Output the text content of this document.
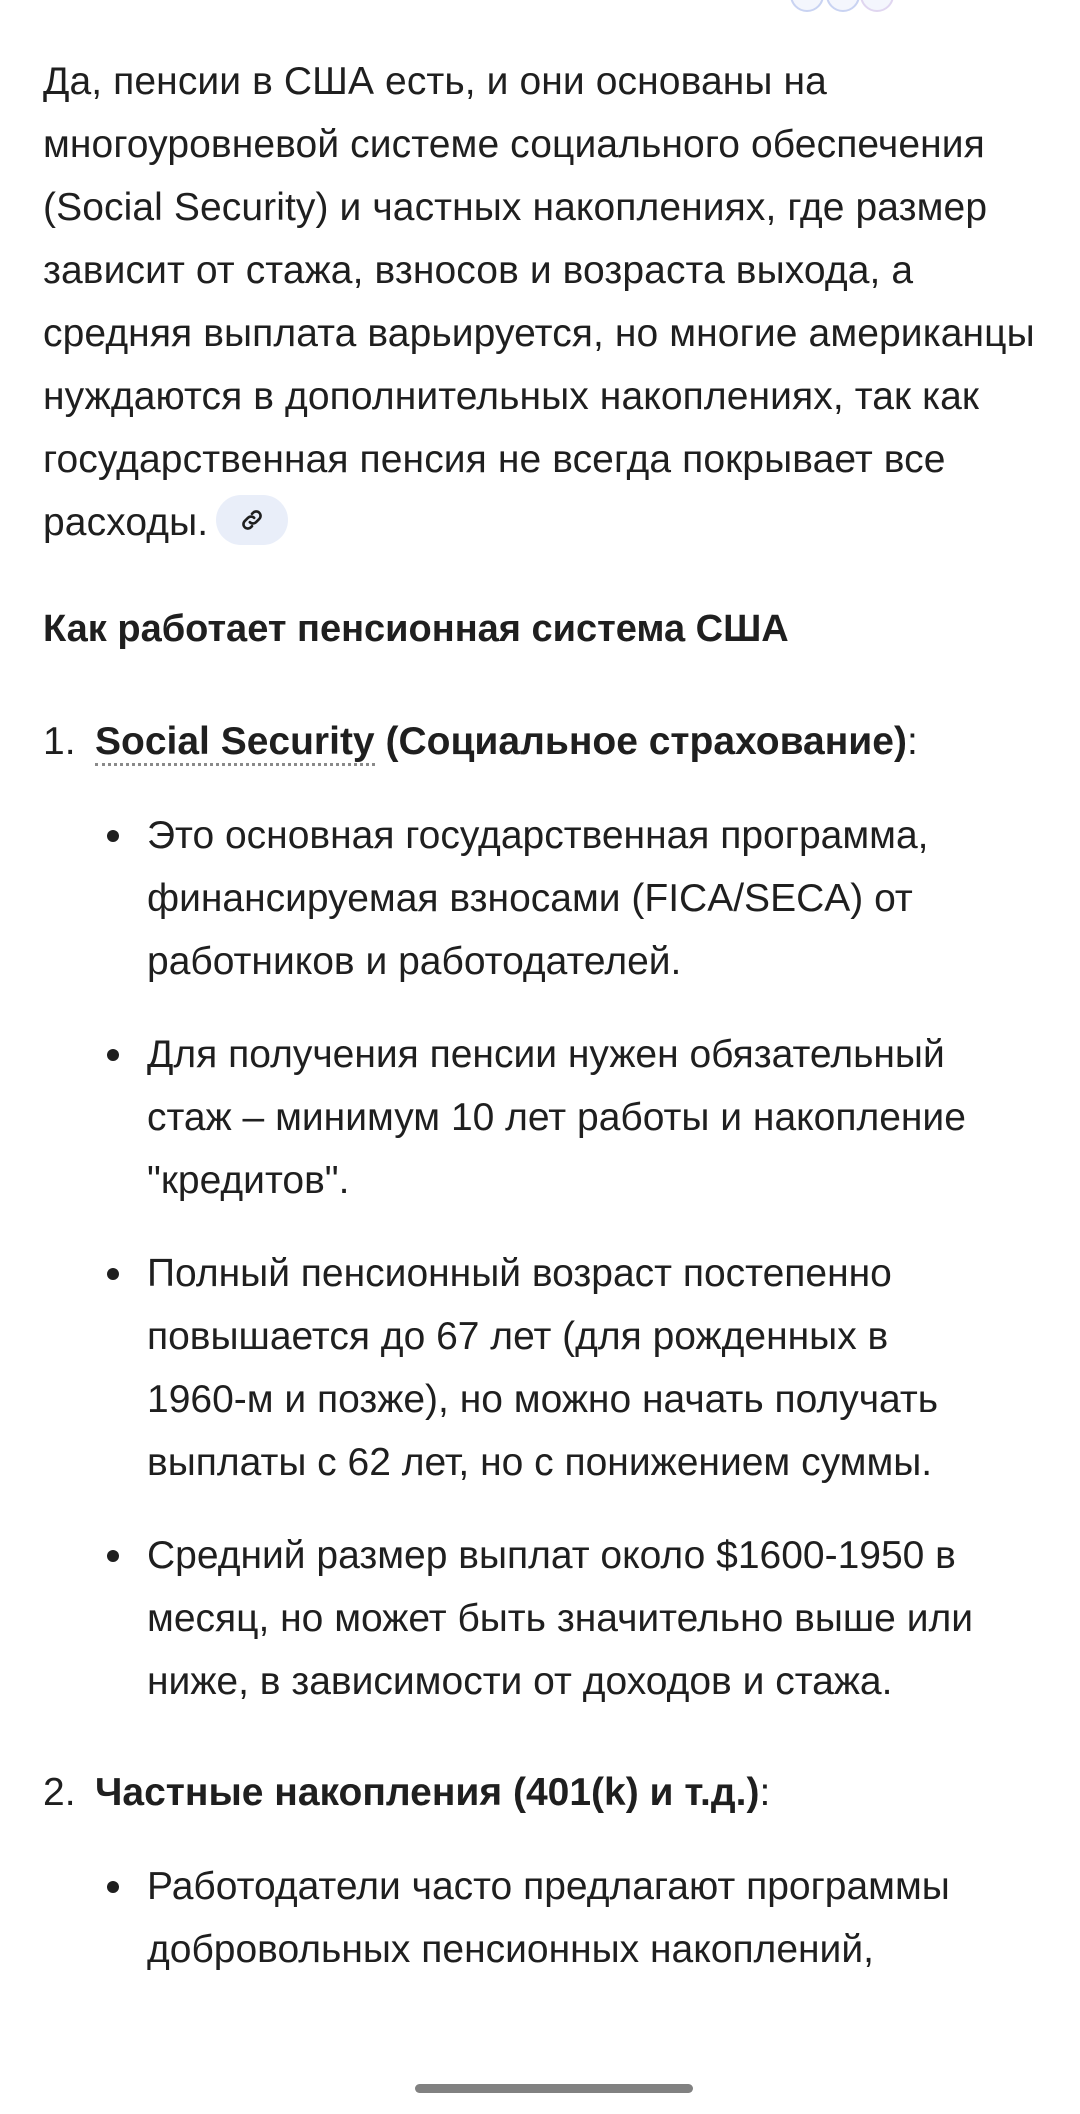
Да, пенсии в США есть, и они основаны на многоуровневой системе социального обеспечения (Social Security) и частных накоплениях, где размер зависит от стажа, взносов и возраста выхода, а средняя выплата варьируется, но многие американцы нуждаются в дополнительных накоплениях, так как государственная пенсия не всегда покрывает все расходы.

Как работает пенсионная система США
1. Social Security (Социальное страхование):
Это основная государственная программа, финансируемая взносами (FICA/SECA) от работников и работодателей.
Для получения пенсии нужен обязательный стаж – минимум 10 лет работы и накопление "кредитов".
Полный пенсионный возраст постепенно повышается до 67 лет (для рожденных в 1960-м и позже), но можно начать получать выплаты с 62 лет, но с понижением суммы.
Средний размер выплат около $1600-1950 в месяц, но может быть значительно выше или ниже, в зависимости от доходов и стажа.
2. Частные накопления (401(k) и т.д.):
Работодатели часто предлагают программы добровольных пенсионных накоплений,
